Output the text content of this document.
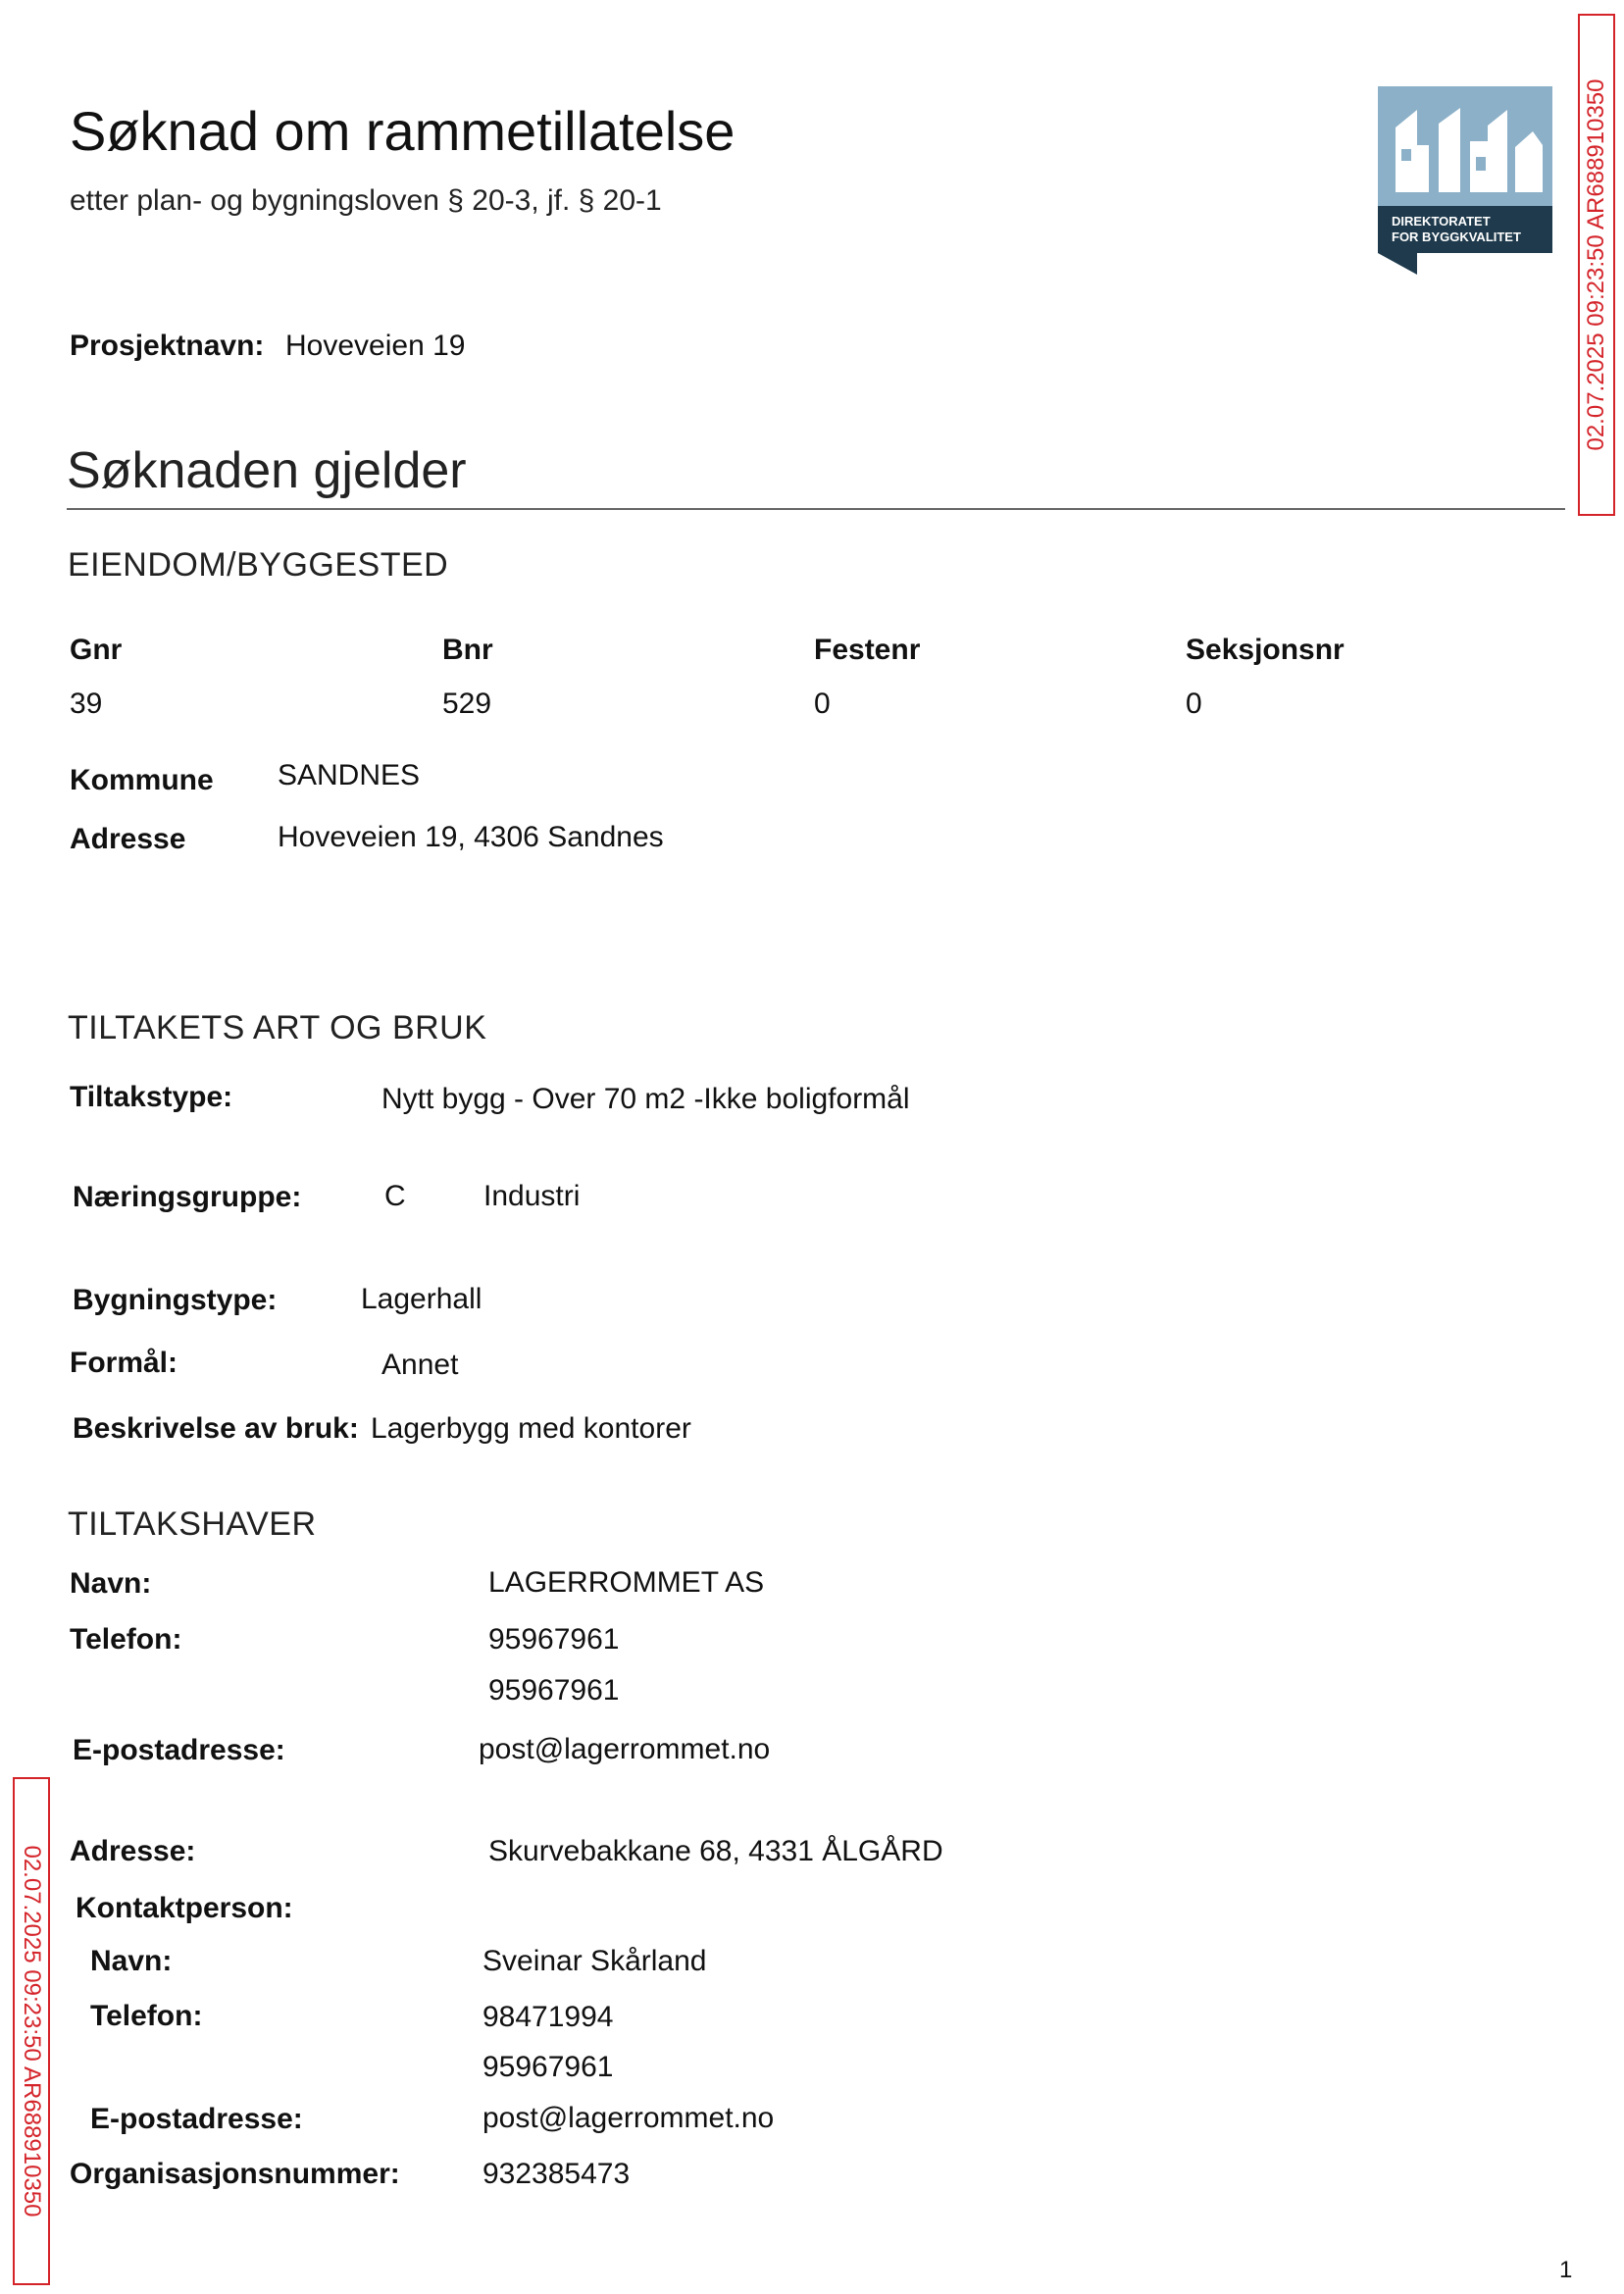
Søknad om rammetillatelse
etter plan- og bygningsloven § 20-3, jf. § 20-1
DIREKTORATET
FOR BYGGKVALITET	02.07.2025 09:23:50 AR688910350
02.07.2025 09:23:50 AR688910350
Prosjektnavn: Hoveveien 19
Søknaden gjelder
EIENDOM/BYGGESTED
Gnr	Bnr	Festenr	Seksjonsnr
39	529	0	0
Kommune SANDNES
Adresse	Hoveveien 19, 4306 Sandnes
TILTAKETS ART OG BRUK
Tiltakstype:	Nytt bygg - Over 70 m2 -Ikke boligformål
Næringsgruppe:	C	Industri
Bygningstype:	Lagerhall
Formål:	Annet
Beskrivelse av bruk: Lagerbygg med kontorer
TILTAKSHAVER
Navn:	LAGERROMMET AS
Telefon:	95967961
95967961
E-postadresse:	post@lagerrommet.no
Adresse:	Skurvebakkane 68, 4331 ÅLGÅRD
Kontaktperson:
Navn:	Sveinar Skårland
Telefon:	98471994
95967961
E-postadresse:	post@lagerrommet.no
Organisasjonsnummer:	932385473
1
